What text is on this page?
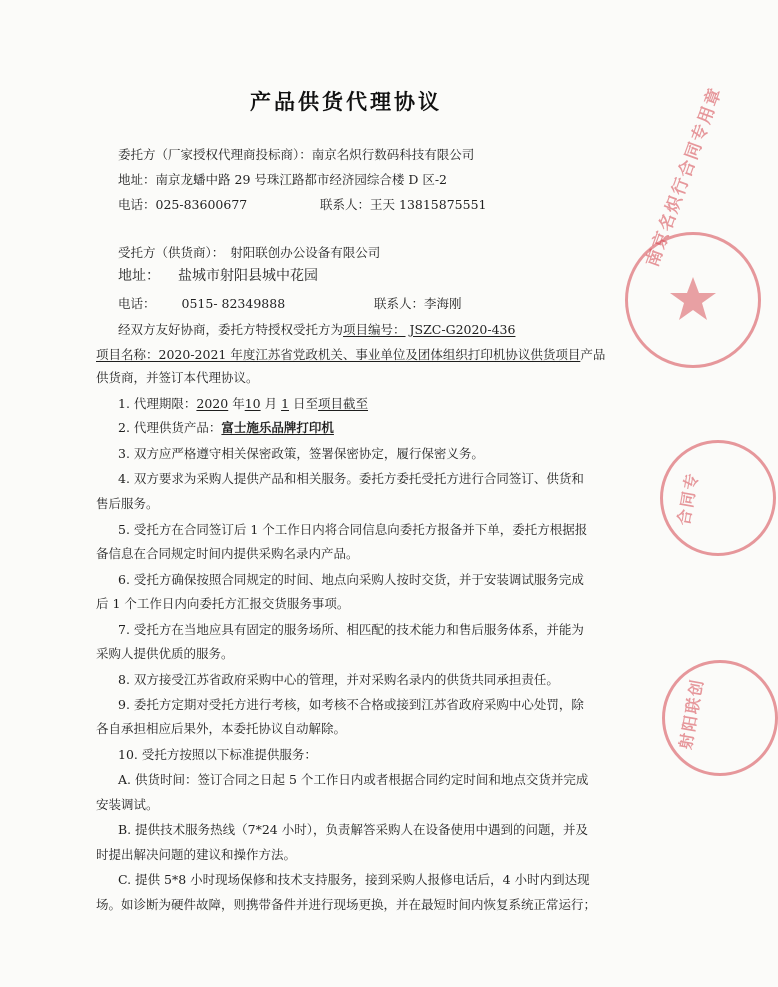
产品供货代理协议
委托方（厂家授权代理商投标商）：南京名炽行数码科技有限公司
地址：南京龙蟠中路 29 号珠江路都市经济园综合楼 D 区-2
电话：025-83600677	联系人：王天 13815875551
受托方（供货商）： 射阳联创办公设备有限公司
地址： 盐城市射阳县城中花园
电话： 0515- 82349888	联系人：李海刚
经双方友好协商，委托方特授权受托方为项目编号： JSZC-G2020-436
项目名称：2020-2021 年度江苏省党政机关、事业单位及团体组织打印机协议供货项目产品
供货商，并签订本代理协议。
1. 代理期限：2020 年10 月 1 日至项目截至
2. 代理供货产品：富士施乐品牌打印机
3. 双方应严格遵守相关保密政策，签署保密协定，履行保密义务。
4. 双方要求为采购人提供产品和相关服务。委托方委托受托方进行合同签订、供货和
售后服务。
5. 受托方在合同签订后 1 个工作日内将合同信息向委托方报备并下单，委托方根据报
备信息在合同规定时间内提供采购名录内产品。
6. 受托方确保按照合同规定的时间、地点向采购人按时交货，并于安装调试服务完成
后 1 个工作日内向委托方汇报交货服务事项。
7. 受托方在当地应具有固定的服务场所、相匹配的技术能力和售后服务体系，并能为
采购人提供优质的服务。
8. 双方接受江苏省政府采购中心的管理，并对采购名录内的供货共同承担责任。
9. 委托方定期对受托方进行考核，如考核不合格或接到江苏省政府采购中心处罚，除
各自承担相应后果外，本委托协议自动解除。
10. 受托方按照以下标准提供服务：
A. 供货时间：签订合同之日起 5 个工作日内或者根据合同约定时间和地点交货并完成
安装调试。
B. 提供技术服务热线（7*24 小时），负责解答采购人在设备使用中遇到的问题，并及
时提出解决问题的建议和操作方法。
C. 提供 5*8 小时现场保修和技术支持服务，接到采购人报修电话后，4 小时内到达现
场。如诊断为硬件故障，则携带备件并进行现场更换，并在最短时间内恢复系统正常运行；
南京名炽行合同专用章
合同专
射阳联创
